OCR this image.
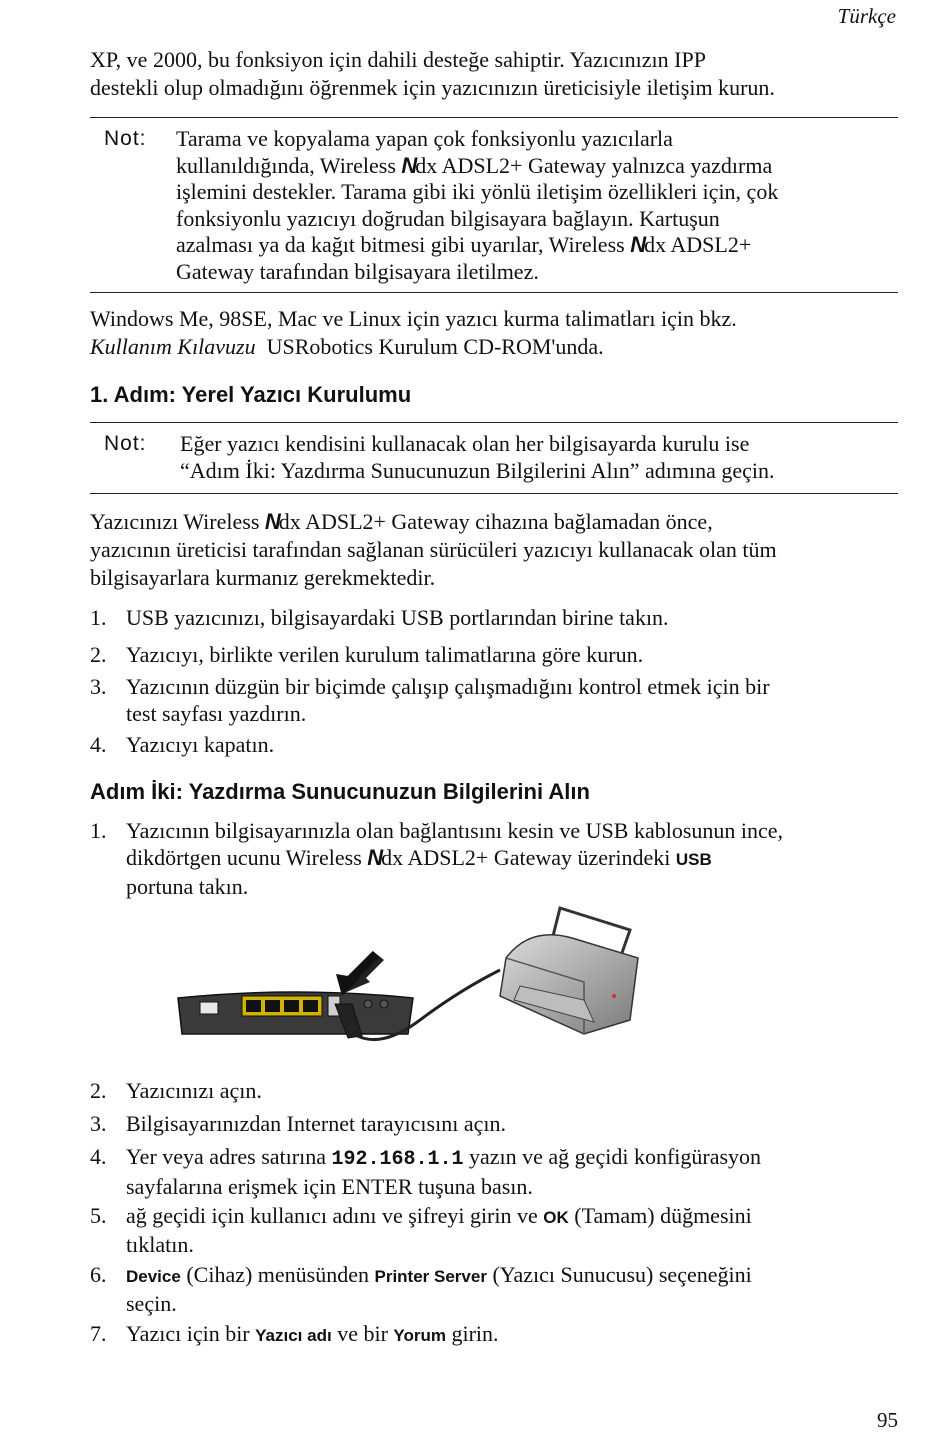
Türkçe

XP, ve 2000, bu fonksiyon için dahili desteğe sahiptir. Yazıcınızın IPP
destekli olup olmadığını öğrenmek için yazıcınızın üreticisiyle iletişim kurun.

Not: Tarama ve kopyalama yapan çok fonksiyonlu yazıcılarla
kullanıldığında, Wireless Ndx ADSL2+ Gateway yalnızca yazdırma
işlemini destekler. Tarama gibi iki yönlü iletişim özellikleri için, çok
fonksiyonlu yazıcıyı doğrudan bilgisayara bağlayın. Kartuşun
azalması ya da kağıt bitmesi gibi uyarılar, Wireless Ndx ADSL2+
Gateway tarafından bilgisayara iletilmez.

Windows Me, 98SE, Mac ve Linux için yazıcı kurma talimatları için bkz.
Kullanım Kılavuzu USRobotics Kurulum CD-ROM'unda.

1. Adım: Yerel Yazıcı Kurulumu
Not: Eğer yazıcı kendisini kullanacak olan her bilgisayarda kurulu ise
“Adım İki: Yazdırma Sunucunuzun Bilgilerini Alın” adımına geçin.

Yazıcınızı Wireless Ndx ADSL2+ Gateway cihazına bağlamadan önce,
yazıcının üreticisi tarafından sağlanan sürücüleri yazıcıyı kullanacak olan tüm
bilgisayarlara kurmanız gerekmektedir.

1. USB yazıcınızı, bilgisayardaki USB portlarından birine takın.
2. Yazıcıyı, birlikte verilen kurulum talimatlarına göre kurun.
3. Yazıcının düzgün bir biçimde çalışıp çalışmadığını kontrol etmek için bir
test sayfası yazdırın.
4. Yazıcıyı kapatın.
Adım İki: Yazdırma Sunucunuzun Bilgilerini Alın
1. Yazıcının bilgisayarınızla olan bağlantısını kesin ve USB kablosunun ince,
dikdörtgen ucunu Wireless Ndx ADSL2+ Gateway üzerindeki USB
portuna takın.
2. Yazıcınızı açın.
3. Bilgisayarınızdan Internet tarayıcısını açın.
4. Yer veya adres satırına 192.168.1.1 yazın ve ağ geçidi konfigürasyon
sayfalarına erişmek için ENTER tuşuna basın.
5. ağ geçidi için kullanıcı adını ve şifreyi girin ve OK (Tamam) düğmesini
tıklatın.
6. Device (Cihaz) menüsünden Printer Server (Yazıcı Sunucusu) seçeneğini
seçin.
7. Yazıcı için bir Yazıcı adı ve bir Yorum girin.
95
